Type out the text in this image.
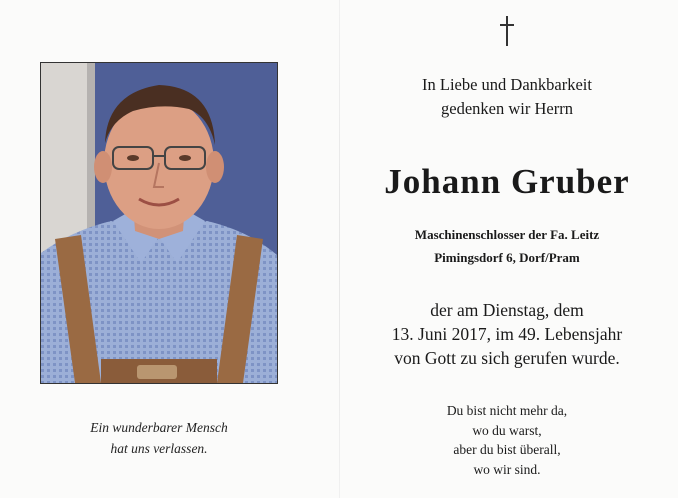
Ein wunderbarer Mensch
hat uns verlassen.
In Liebe und Dankbarkeit
gedenken wir Herrn
Johann Gruber
Maschinenschlosser der Fa. Leitz
Pimingsdorf 6, Dorf/Pram
der am Dienstag, dem
13. Juni 2017, im 49. Lebensjahr
von Gott zu sich gerufen wurde.
Du bist nicht mehr da,
wo du warst,
aber du bist überall,
wo wir sind.
